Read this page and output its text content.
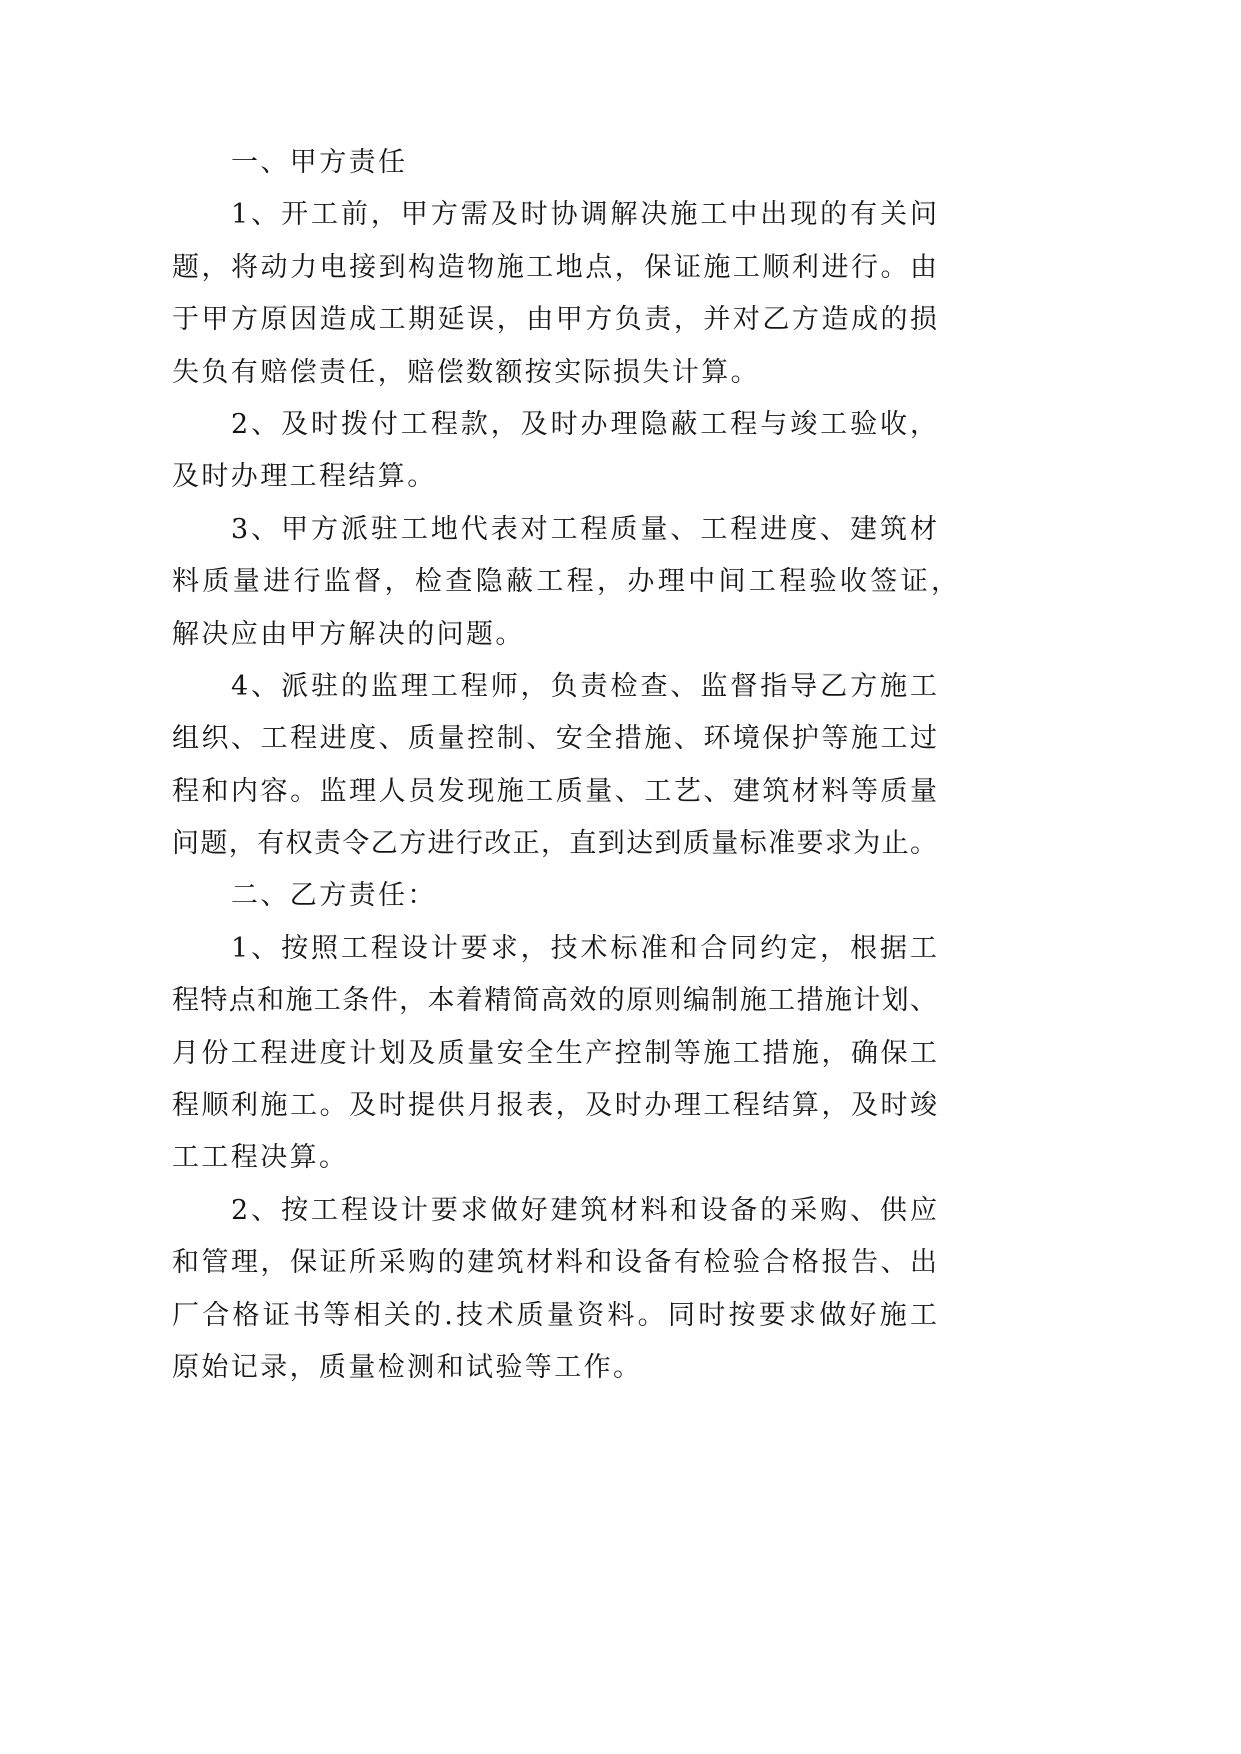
一、甲方责任
1、开工前，甲方需及时协调解决施工中出现的有关问
题，将动力电接到构造物施工地点，保证施工顺利进行。由
于甲方原因造成工期延误，由甲方负责，并对乙方造成的损
失负有赔偿责任，赔偿数额按实际损失计算。
2、及时拨付工程款，及时办理隐蔽工程与竣工验收，
及时办理工程结算。
3、甲方派驻工地代表对工程质量、工程进度、建筑材
料质量进行监督，检查隐蔽工程，办理中间工程验收签证，
解决应由甲方解决的问题。
4、派驻的监理工程师，负责检查、监督指导乙方施工
组织、工程进度、质量控制、安全措施、环境保护等施工过
程和内容。监理人员发现施工质量、工艺、建筑材料等质量
问题，有权责令乙方进行改正，直到达到质量标准要求为止。
二、乙方责任：
1、按照工程设计要求，技术标准和合同约定，根据工
程特点和施工条件，本着精简高效的原则编制施工措施计划、
月份工程进度计划及质量安全生产控制等施工措施，确保工
程顺利施工。及时提供月报表，及时办理工程结算，及时竣
工工程决算。
2、按工程设计要求做好建筑材料和设备的采购、供应
和管理，保证所采购的建筑材料和设备有检验合格报告、出
厂合格证书等相关的.技术质量资料。同时按要求做好施工
原始记录，质量检测和试验等工作。
